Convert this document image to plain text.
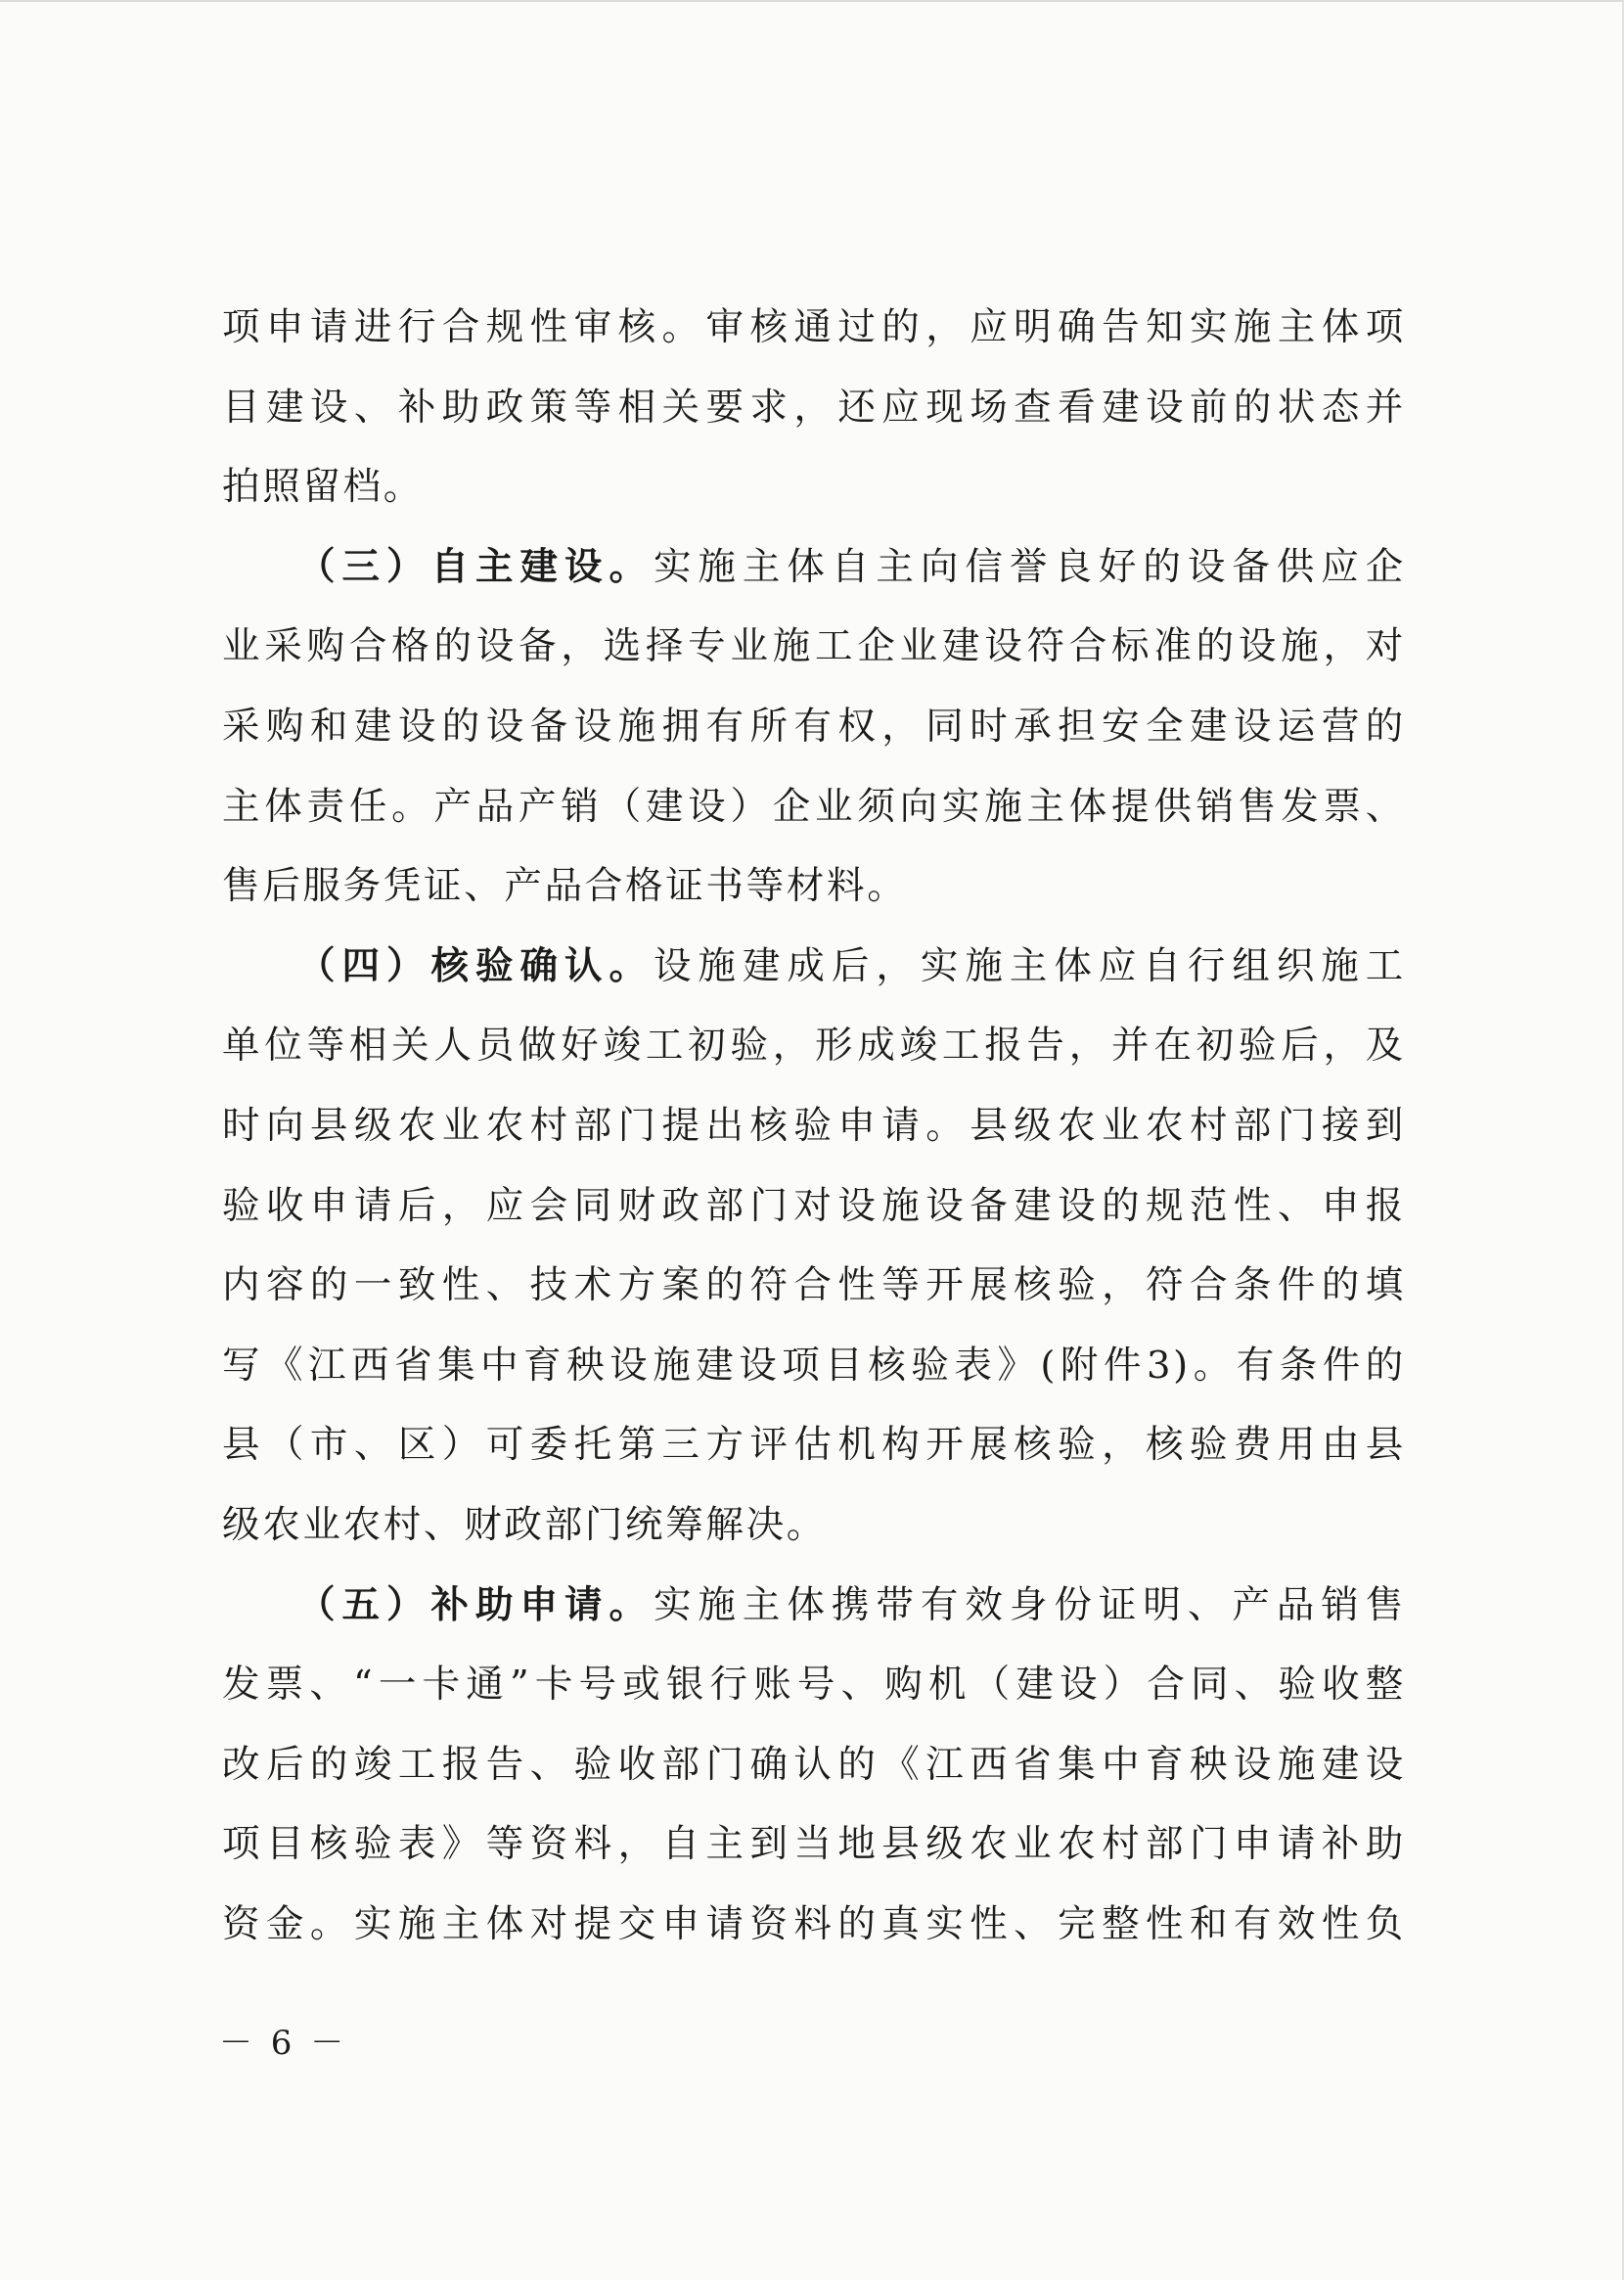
项申请进行合规性审核。审核通过的，应明确告知实施主体项
目建设、补助政策等相关要求，还应现场查看建设前的状态并
拍照留档。
（三）自主建设。实施主体自主向信誉良好的设备供应企
业采购合格的设备，选择专业施工企业建设符合标准的设施，对
采购和建设的设备设施拥有所有权，同时承担安全建设运营的
主体责任。产品产销（建设）企业须向实施主体提供销售发票、
售后服务凭证、产品合格证书等材料。
（四）核验确认。设施建成后，实施主体应自行组织施工
单位等相关人员做好竣工初验，形成竣工报告，并在初验后，及
时向县级农业农村部门提出核验申请。县级农业农村部门接到
验收申请后，应会同财政部门对设施设备建设的规范性、申报
内容的一致性、技术方案的符合性等开展核验，符合条件的填
写《江西省集中育秧设施建设项目核验表》(附件3)。有条件的
县（市、区）可委托第三方评估机构开展核验，核验费用由县
级农业农村、财政部门统筹解决。
（五）补助申请。实施主体携带有效身份证明、产品销售
发票、“一卡通”卡号或银行账号、购机（建设）合同、验收整
改后的竣工报告、验收部门确认的《江西省集中育秧设施建设
项目核验表》等资料，自主到当地县级农业农村部门申请补助
资金。实施主体对提交申请资料的真实性、完整性和有效性负
－ 6 －
